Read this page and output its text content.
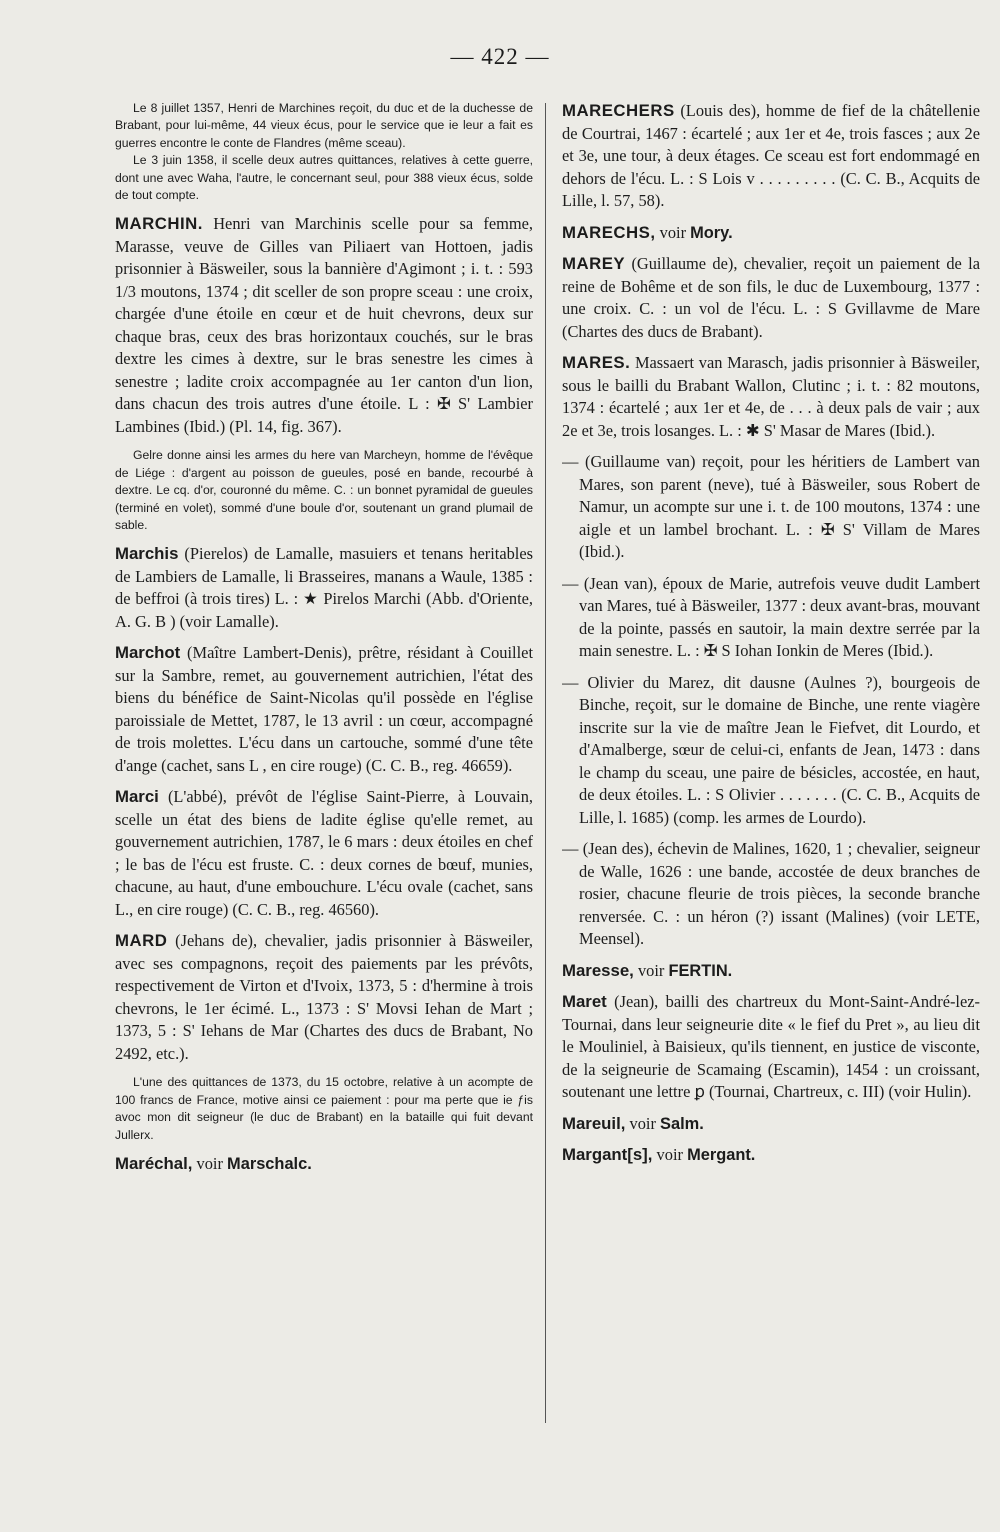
— 422 —

Le 8 juillet 1357, Henri de Marchines reçoit, du duc et de la duchesse de Brabant, pour lui-même, 44 vieux écus, pour le service que ie leur a fait es guerres encontre le conte de Flandres (même sceau).

Le 3 juin 1358, il scelle deux autres quittances, relatives à cette guerre, dont une avec Waha, l'autre, le concernant seul, pour 388 vieux écus, solde de tout compte.

MARCHIN. Henri van Marchinis scelle pour sa femme, Marasse, veuve de Gilles van Piliaert van Hottoen, jadis prisonnier à Bäsweiler, sous la bannière d'Agimont ; i. t. : 593 1/3 moutons, 1374 ; dit sceller de son propre sceau : une croix, chargée d'une étoile en cœur et de huit chevrons, deux sur chaque bras, ceux des bras horizontaux couchés, sur le bras dextre les cimes à dextre, sur le bras senestre les cimes à senestre ; ladite croix accompagnée au 1er canton d'un lion, dans chacun des trois autres d'une étoile. L : ✠ S' Lambier Lambines (Ibid.) (Pl. 14, fig. 367).

Gelre donne ainsi les armes du here van Marcheyn, homme de l'évêque de Liége : d'argent au poisson de gueules, posé en bande, recourbé à dextre. Le cq. d'or, couronné du même. C. : un bonnet pyramidal de gueules (terminé en volet), sommé d'une boule d'or, soutenant un grand plumail de sable.

Marchis (Pierelos) de Lamalle, masuiers et tenans heritables de Lambiers de Lamalle, li Brasseires, manans a Waule, 1385 : de beffroi (à trois tires) L. : ★ Pirelos Marchi (Abb. d'Oriente, A. G. B ) (voir Lamalle).

Marchot (Maître Lambert-Denis), prêtre, résidant à Couillet sur la Sambre, remet, au gouvernement autrichien, l'état des biens du bénéfice de Saint-Nicolas qu'il possède en l'église paroissiale de Mettet, 1787, le 13 avril : un cœur, accompagné de trois molettes. L'écu dans un cartouche, sommé d'une tête d'ange (cachet, sans L , en cire rouge) (C. C. B., reg. 46659).

Marci (L'abbé), prévôt de l'église Saint-Pierre, à Louvain, scelle un état des biens de ladite église qu'elle remet, au gouvernement autrichien, 1787, le 6 mars : deux étoiles en chef ; le bas de l'écu est fruste. C. : deux cornes de bœuf, munies, chacune, au haut, d'une embouchure. L'écu ovale (cachet, sans L., en cire rouge) (C. C. B., reg. 46560).

MARD (Jehans de), chevalier, jadis prisonnier à Bäsweiler, avec ses compagnons, reçoit des paiements par les prévôts, respectivement de Virton et d'Ivoix, 1373, 5 : d'hermine à trois chevrons, le 1er écimé. L., 1373 : S' Movsi Iehan de Mart ; 1373, 5 : S' Iehans de Mar (Chartes des ducs de Brabant, No 2492, etc.).

L'une des quittances de 1373, du 15 octobre, relative à un acompte de 100 francs de France, motive ainsi ce paiement : pour ma perte que ie ƒis avoc mon dit seigneur (le duc de Brabant) en la bataille qui fuit devant Jullerx.

Maréchal, voir Marschalc.

MARECHERS (Louis des), homme de fief de la châtellenie de Courtrai, 1467 : écartelé ; aux 1er et 4e, trois fasces ; aux 2e et 3e, une tour, à deux étages. Ce sceau est fort endommagé en dehors de l'écu. L. : S Lois v . . . . . . . . . (C. C. B., Acquits de Lille, l. 57, 58).

MARECHS, voir Mory.

MAREY (Guillaume de), chevalier, reçoit un paiement de la reine de Bohême et de son fils, le duc de Luxembourg, 1377 : une croix. C. : un vol de l'écu. L. : S Gvillavme de Mare (Chartes des ducs de Brabant).

MARES. Massaert van Marasch, jadis prisonnier à Bäsweiler, sous le bailli du Brabant Wallon, Clutinc ; i. t. : 82 moutons, 1374 : écartelé ; aux 1er et 4e, de . . . à deux pals de vair ; aux 2e et 3e, trois losanges. L. : ✱ S' Masar de Mares (Ibid.).

— (Guillaume van) reçoit, pour les héritiers de Lambert van Mares, son parent (neve), tué à Bäsweiler, sous Robert de Namur, un acompte sur une i. t. de 100 moutons, 1374 : une aigle et un lambel brochant. L. : ✠ S' Villam de Mares (Ibid.).

— (Jean van), époux de Marie, autrefois veuve dudit Lambert van Mares, tué à Bäsweiler, 1377 : deux avant-bras, mouvant de la pointe, passés en sautoir, la main dextre serrée par la main senestre. L. : ✠ S Iohan Ionkin de Meres (Ibid.).

— Olivier du Marez, dit dausne (Aulnes ?), bourgeois de Binche, reçoit, sur le domaine de Binche, une rente viagère inscrite sur la vie de maître Jean le Fiefvet, dit Lourdo, et d'Amalberge, sœur de celui-ci, enfants de Jean, 1473 : dans le champ du sceau, une paire de bésicles, accostée, en haut, de deux étoiles. L. : S Olivier . . . . . . . (C. C. B., Acquits de Lille, l. 1685) (comp. les armes de Lourdo).

— (Jean des), échevin de Malines, 1620, 1 ; chevalier, seigneur de Walle, 1626 : une bande, accostée de deux branches de rosier, chacune fleurie de trois pièces, la seconde branche renversée. C. : un héron (?) issant (Malines) (voir LETE, Meensel).

Maresse, voir FERTIN.

Maret (Jean), bailli des chartreux du Mont-Saint-André-lez-Tournai, dans leur seigneurie dite « le fief du Pret », au lieu dit le Mouliniel, à Baisieux, qu'ils tiennent, en justice de visconte, de la seigneurie de Scamaing (Escamin), 1454 : un croissant, soutenant une lettre ꝑ (Tournai, Chartreux, c. III) (voir Hulin).

Mareuil, voir Salm.

Margant[s], voir Mergant.
